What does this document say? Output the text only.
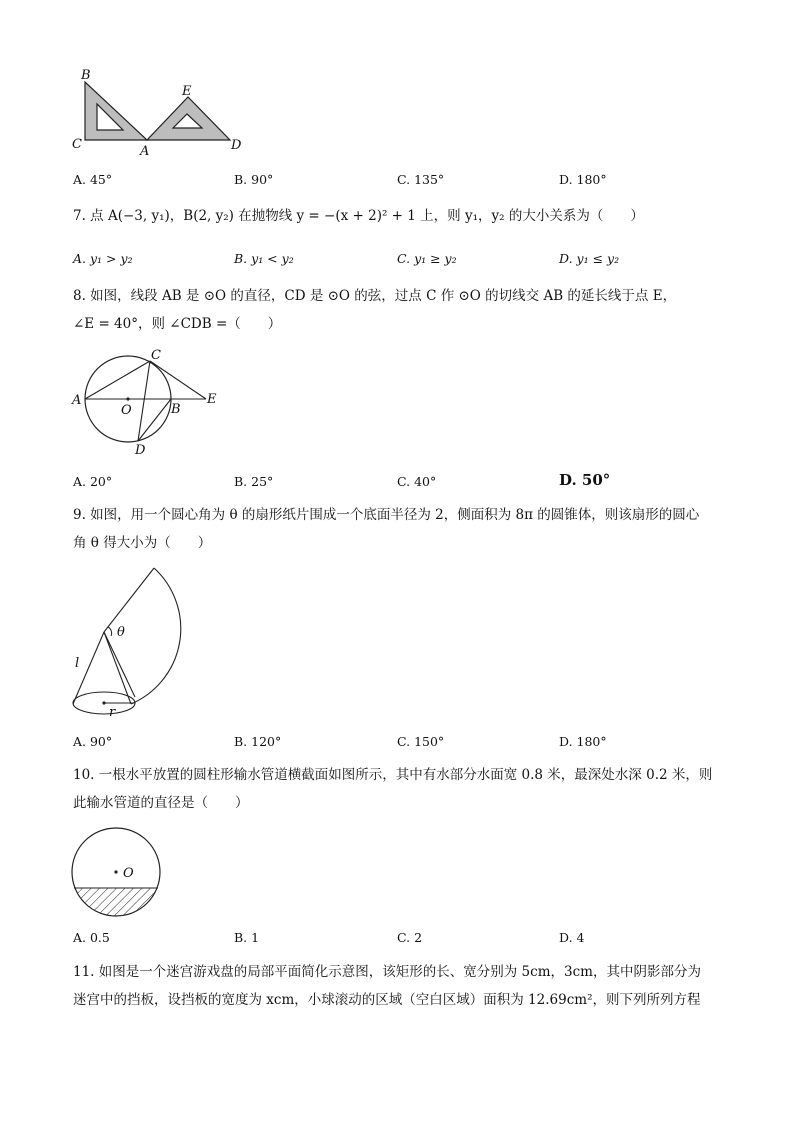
B
E
C	A	D
A. 45°	B. 90°	C. 135°	D. 180°
7. 点 A(−3, y₁)，B(2, y₂) 在抛物线 y = −(x + 2)² + 1 上，则 y₁，y₂ 的大小关系为（　　）
A. y₁ > y₂	B. y₁ < y₂	C. y₁ ≥ y₂	D. y₁ ≤ y₂
8. 如图，线段 AB 是 ⊙O 的直径，CD 是 ⊙O 的弦，过点 C 作 ⊙O 的切线交 AB 的延长线于点 E，
∠E = 40°，则 ∠CDB =（　　）
C
A
O	B
E
D
A. 20°	B. 25°	C. 40°	D. 50°
9. 如图，用一个圆心角为 θ 的扇形纸片围成一个底面半径为 2，侧面积为 8π 的圆锥体，则该扇形的圆心
角 θ 得大小为（　　）
θ
l
r
A. 90°	B. 120°	C. 150°	D. 180°
10. 一根水平放置的圆柱形输水管道横截面如图所示，其中有水部分水面宽 0.8 米，最深处水深 0.2 米，则
此输水管道的直径是（　　）
O
A. 0.5	B. 1	C. 2	D. 4
11. 如图是一个迷宫游戏盘的局部平面简化示意图，该矩形的长、宽分别为 5cm，3cm，其中阴影部分为
迷宫中的挡板，设挡板的宽度为 xcm，小球滚动的区域（空白区域）面积为 12.69cm²，则下列所列方程
